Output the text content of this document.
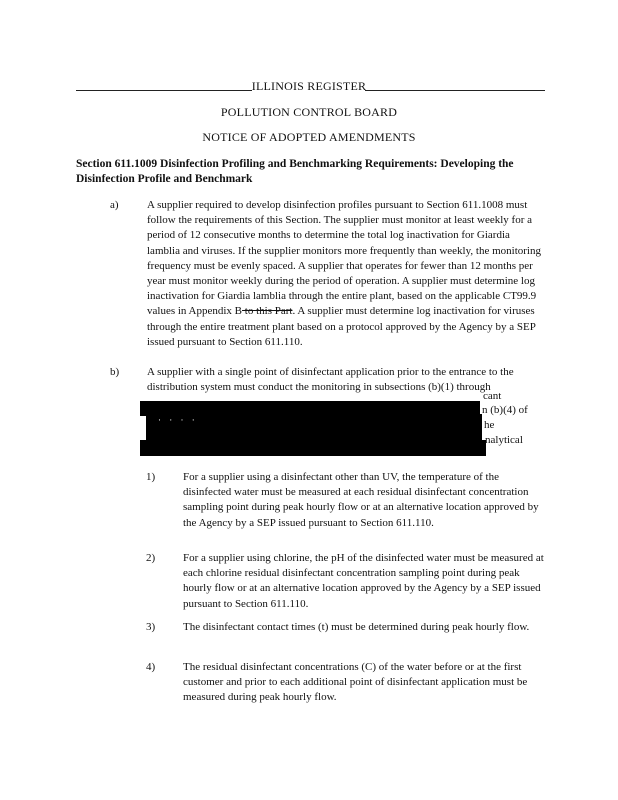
ILLINOIS REGISTER
POLLUTION CONTROL BOARD
NOTICE OF ADOPTED AMENDMENTS
Section 611.1009 Disinfection Profiling and Benchmarking Requirements: Developing the Disinfection Profile and Benchmark
a)	A supplier required to develop disinfection profiles pursuant to Section 611.1008 must follow the requirements of this Section. The supplier must monitor at least weekly for a period of 12 consecutive months to determine the total log inactivation for Giardia lamblia and viruses. If the supplier monitors more frequently than weekly, the monitoring frequency must be evenly spaced. A supplier that operates for fewer than 12 months per year must monitor weekly during the period of operation. A supplier must determine log inactivation for Giardia lamblia through the entire plant, based on the applicable CT99.9 values in Appendix B to this Part. A supplier must determine log inactivation for viruses through the entire treatment plant based on a protocol approved by the Agency by a SEP issued pursuant to Section 611.110.
b)	A supplier with a single point of disinfectant application prior to the entrance to the distribution system must conduct the monitoring in subsections (b)(1) through
· · · ·
cant
n (b)(4) of
he
nalytical
1)	For a supplier using a disinfectant other than UV, the temperature of the disinfected water must be measured at each residual disinfectant concentration sampling point during peak hourly flow or at an alternative location approved by the Agency by a SEP issued pursuant to Section 611.110.
2)	For a supplier using chlorine, the pH of the disinfected water must be measured at each chlorine residual disinfectant concentration sampling point during peak hourly flow or at an alternative location approved by the Agency by a SEP issued pursuant to Section 611.110.
3)	The disinfectant contact times (t) must be determined during peak hourly flow.
4)	The residual disinfectant concentrations (C) of the water before or at the first customer and prior to each additional point of disinfectant application must be measured during peak hourly flow.
